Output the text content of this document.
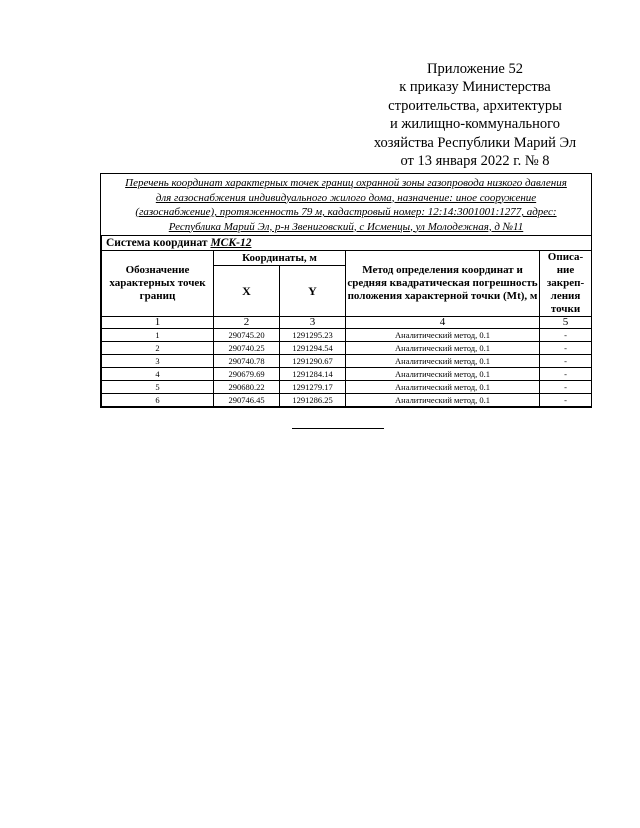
Приложение 52
к приказу Министерства
строительства, архитектуры
и жилищно-коммунального
хозяйства Республики Марий Эл
от 13 января 2022 г. № 8
Перечень координат характерных точек границ охранной зоны газопровода низкого давления
для газоснабжения индивидуального жилого дома, назначение: иное сооружение
(газоснабжение), протяженность 79 м, кадастровый номер: 12:14:3001001:1277, адрес:
Республика Марий Эл, р-н Звениговский, с Исменцы, ул Молодежная, д №11
Система координат МСК-12				
Обозначение характерных точек границ	Координаты, м		Метод определения координат и средняя квадратическая погрешность положения характерной точки (Mt), м	Описа-ние закреп-ления точки
	X	Y		
1	2	3	4	5
1	290745.20	1291295.23	Аналитический метод, 0.1	-
2	290740.25	1291294.54	Аналитический метод, 0.1	-
3	290740.78	1291290.67	Аналитический метод, 0.1	-
4	290679.69	1291284.14	Аналитический метод, 0.1	-
5	290680.22	1291279.17	Аналитический метод, 0.1	-
6	290746.45	1291286.25	Аналитический метод, 0.1	-
